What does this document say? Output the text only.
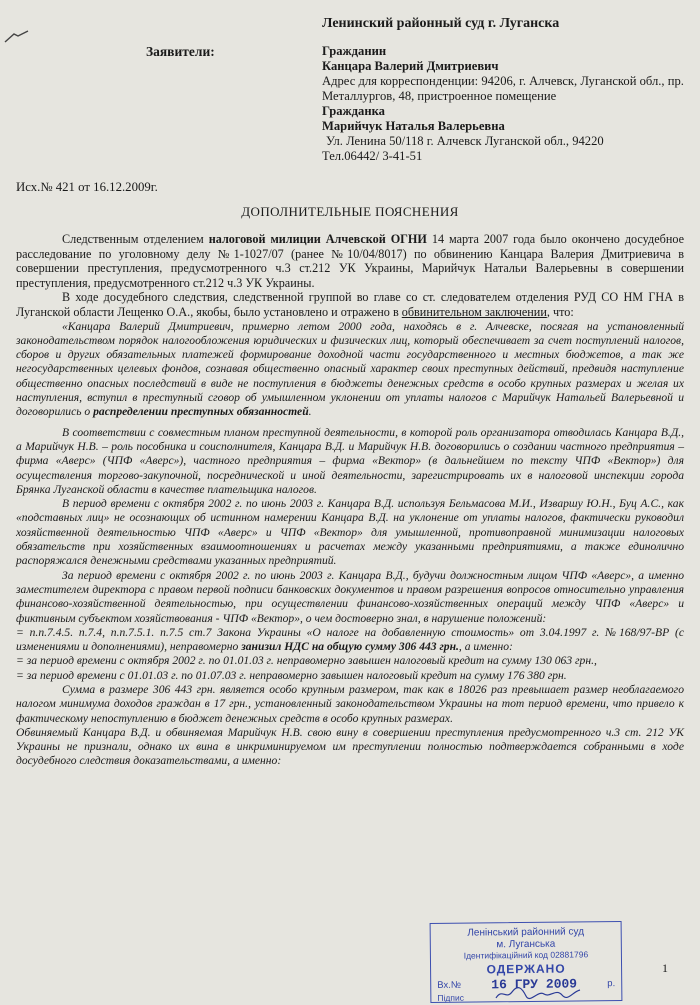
Ленинский районный суд г. Луганска
Заявители:	Гражданин
Канцара Валерий Дмитриевич
Адрес для корреспонденции: 94206, г. Алчевск, Луганской обл., пр. Металлургов, 48, пристроенное помещение
Гражданка
Марийчук Наталья Валерьевна
Ул. Ленина 50/118 г. Алчевск Луганской обл., 94220
Тел.06442/ 3-41-51
Исх.№ 421 от 16.12.2009г.
ДОПОЛНИТЕЛЬНЫЕ ПОЯСНЕНИЯ

Следственным отделением налоговой милиции Алчевской ОГНИ 14 марта 2007 года было окончено досудебное расследование по уголовному делу №1-1027/07 (ранее №10/04/8017) по обвинению Канцара Валерия Дмитриевича в совершении преступления, предусмотренного ч.3 ст.212 УК Украины, Марийчук Натальи Валерьевны в совершении преступления, предусмотренного ст.212 ч.3 УК Украины.

В ходе досудебного следствия, следственной группой во главе со ст. следователем отделения РУД СО НМ ГНА в Луганской области Лещенко О.А., якобы, было установлено и отражено в обвинительном заключении, что:

«Канцара Валерий Дмитриевич, примерно летом 2000 года, находясь в г. Алчевске, посягая на установленный законодательством порядок налогообложения юридических и физических лиц, который обеспечивает за счет поступлений налогов, сборов и других обязательных платежей формирование доходной части государственного и местных бюджетов, а так же негосударственных целевых фондов, сознавая общественно опасный характер своих преступных действий, предвидя наступление общественно опасных последствий в виде не поступления в бюджеты денежных средств в особо крупных размерах и желая их наступления, вступил в преступный сговор об умышленном уклонении от уплаты налогов с Марийчук Натальей Валерьевной и договорились о распределении преступных обязанностей.

В соответствии с совместным планом преступной деятельности, в которой роль организатора отводилась Канцара В.Д., а Марийчук Н.В. – роль пособника и соисполнителя, Канцара В.Д. и Марийчук Н.В. договорились о создании частного предприятия – фирма «Аверс» (ЧПФ «Аверс»), частного предприятия – фирма «Вектор» (в дальнейшем по тексту ЧПФ «Вектор») для осуществления торгово-закупочной, посреднической и иной деятельности, зарегистрировать их в налоговой инспекции города Брянка Луганской области в качестве плательщика налогов.

В период времени с октября 2002 г. по июнь 2003 г. Канцара В.Д. используя Бельмасова М.И., Изваршу Ю.Н., Буц А.С., как «подставных лиц» не осознающих об истинном намерении Канцара В.Д. на уклонение от уплаты налогов, фактически руководил хозяйственной деятельностью ЧПФ «Аверс» и ЧПФ «Вектор» для умышленной, противоправной минимизации налоговых обязательств при хозяйственных взаимоотношениях и расчетах между указанными предприятиями, а также единолично распоряжался денежными средствами указанных предприятий.

За период времени с октября 2002 г. по июнь 2003 г. Канцара В.Д., будучи должностным лицом ЧПФ «Аверс», а именно заместителем директора с правом первой подписи банковских документов и правом разрешения вопросов относительно управления финансово-хозяйственной деятельностью, при осуществлении финансово-хозяйственных операций между ЧПФ «Аверс» и фиктивным субъектом хозяйствования - ЧПФ «Вектор», о чем достоверно знал, в нарушение положений:

= п.п.7.4.5. п.7.4, п.п.7.5.1. п.7.5 ст.7 Закона Украины «О налоге на добавленную стоимость» от 3.04.1997 г. №168/97-ВР (с изменениями и дополнениями), неправомерно занизил НДС на общую сумму 306 443 грн., а именно:

= за период времени с октября 2002 г. по 01.01.03 г. неправомерно завышен налоговый кредит на сумму 130 063 грн.,

= за период времени с 01.01.03 г. по 01.07.03 г. неправомерно завышен налоговый кредит на сумму 176 380 грн.

Сумма в размере 306 443 грн. является особо крупным размером, так как в 18026 раз превышает размер необлагаемого налогом минимума доходов граждан в 17 грн., установленный законодательством Украины на тот период времени, что привело к фактическому непоступлению в бюджет денежных средств в особо крупных размерах.

Обвиняемый Канцара В.Д. и обвиняемая Марийчук Н.В. свою вину в совершении преступления предусмотренного ч.3 ст. 212 УК Украины не признали, однако их вина в инкриминируемом им преступлении полностью подтверждается собранными в ходе досудебного следствия доказательствами, а именно:

Ленінський районний суд
м. Луганська
Ідентифікаційний код 02881796
ОДЕРЖАНО
Вх.№ 16 ГРУ 2009	р.
Підпис
1
